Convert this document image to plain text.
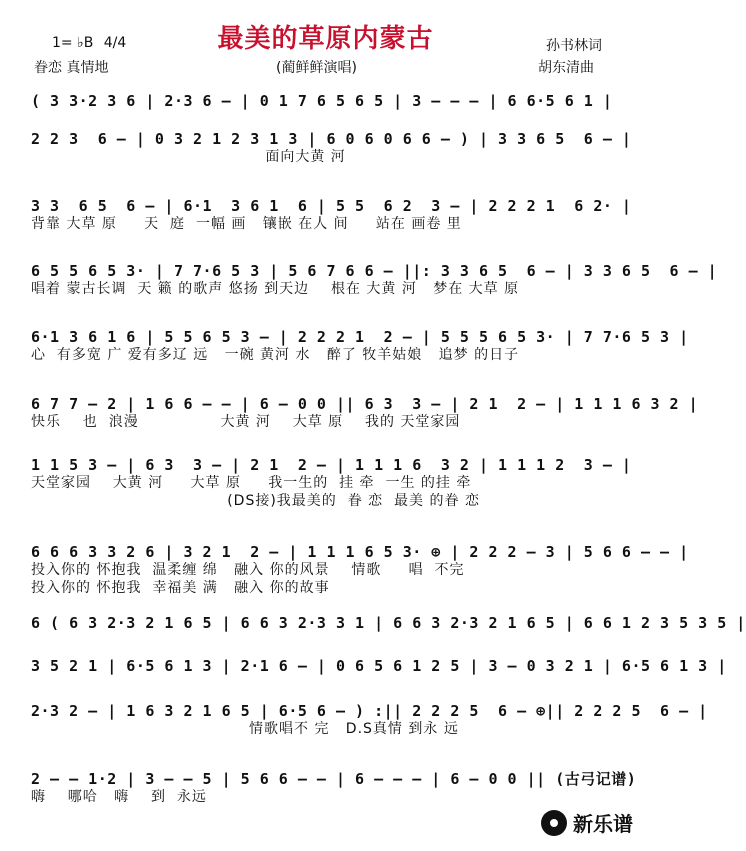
最美的草原内蒙古
1= ♭B 4/4
眷恋 真情地	(蔺鲜鲜演唱)
孙书林词
胡东清曲
( 3 3·2 3 6 | 2·3 6 – | 0 1 7 6 5 6 5 | 3 – – – | 6 6·5 6 1 |
2 2 3  6 – | 0 3 2 1 2 3 1 3 | 6 0 6 0 6 6 – ) | 3 3 6 5  6 – |
面向大黄 河
3 3  6 5  6 – | 6·1  3 6 1  6 | 5 5  6 2  3 – | 2 2 2 1  6 2· |
背靠 大草 原     天  庭  一幅 画   镶嵌 在人 间     站在 画卷 里
6 5 5 6 5 3· | 7 7·6 5 3 | 5 6 7 6 6 – ||: 3 3 6 5  6 – | 3 3 6 5  6 – |
唱着 蒙古长调  天 籁 的歌声 悠扬 到天边    根在 大黄 河   梦在 大草 原
6·1 3 6 1 6 | 5 5 6 5 3 – | 2 2 2 1  2 – | 5 5 5 6 5 3· | 7 7·6 5 3 |
心  有多宽 广 爱有多辽 远   一碗 黄河 水   醉了 牧羊姑娘   追梦 的日子
6 7 7 – 2 | 1 6 6 – – | 6 – 0 0 || 6 3  3 – | 2 1  2 – | 1 1 1 6 3 2 |
快乐    也  浪漫               大黄 河    大草 原    我的 天堂家园
1 1 5 3 – | 6 3  3 – | 2 1  2 – | 1 1 1 6  3 2 | 1 1 1 2  3 – |
天堂家园    大黄 河     大草 原     我一生的  挂 牵  一生 的挂 牵
(DS接)我最美的  眷 恋  最美 的眷 恋
6 6 6 3 3 2 6 | 3 2 1  2 – | 1 1 1 6 5 3· ⊕ | 2 2 2 – 3 | 5 6 6 – – |
投入你的 怀抱我  温柔缠 绵   融入 你的风景    情歌     唱  不完
投入你的 怀抱我  幸福美 满   融入 你的故事
6 ( 6 3 2·3 2 1 6 5 | 6 6 3 2·3 3 1 | 6 6 3 2·3 2 1 6 5 | 6 6 1 2 3 5 3 5 |
3 5 2 1 | 6·5 6 1 3 | 2·1 6 – | 0 6 5 6 1 2 5 | 3 – 0 3 2 1 | 6·5 6 1 3 |
2·3 2 – | 1 6 3 2 1 6 5 | 6·5 6 – ) :|| 2 2 2 5  6 – ⊕|| 2 2 2 5  6 – |
情歌唱不 完   D.S真情 到永 远
2 – – 1·2 | 3 – – 5 | 5 6 6 – – | 6 – – – | 6 – 0 0 || (古弓记谱)
嗨    哪哈   嗨    到  永远
新乐谱
